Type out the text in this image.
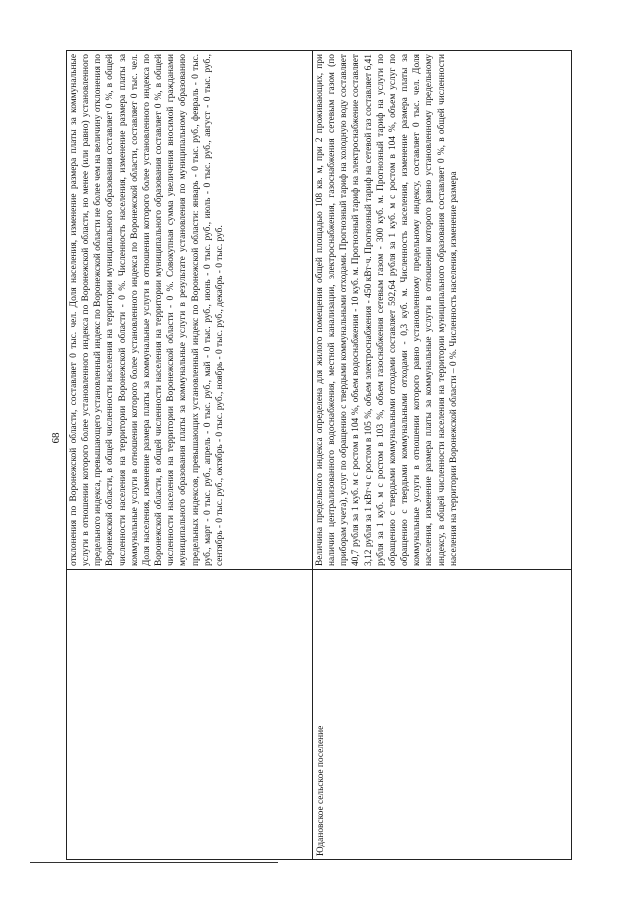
68 отклонения по Воронежской области, составляет 0 тыс. чел. Доля населения, изменение размера платы за коммунальные услуги в отношении которого более установленного индекса по Воронежской области, но менее (или равно) установленного предельного индекса, превышающего установленный индекс по Воронежской области не более чем на величину отклонения по Воронежской области, в общей численности населения на территории муниципального образования составляет 0 %, в общей численности населения на территории Воронежской области - 0 %. Численность населения, изменение размера платы за коммунальные услуги в отношении которого более установленного индекса по Воронежской области, составляет 0 тыс. чел. Доля населения, изменение размера платы за коммунальные услуги в отношении которого более установленного индекса по Воронежской области, в общей численности населения на территории муниципального образования составляет 0 %, в общей численности населения на территории Воронежской области - 0 %. Совокупная сумма увеличения вносимой гражданами муниципального образования платы за коммунальные услуги в результате установления по муниципальному образованию предельных индексов, превышающих установленный индекс по Воронежской области: январь - 0 тыс. руб., февраль - 0 тыс. руб., март - 0 тыс. руб., апрель - 0 тыс. руб., май - 0 тыс. руб., июнь - 0 тыс. руб., июль - 0 тыс. руб., август - 0 тыс. руб., сентябрь - 0 тыс. руб., октябрь - 0 тыс. руб., ноябрь - 0 тыс. руб., декабрь - 0 тыс. руб.
Юдановское сельское поселение
Величина предельного индекса определена для жилого помещения общей площадью 108 кв. м, при 2 проживающих, при наличии централизованного водоснабжения, местной канализации, электроснабжения, газоснабжения сетевым газом (по приборам учета), услуг по обращению с твердыми коммунальными отходами. Прогнозный тариф на холодную воду составляет 40,7 рубля за 1 куб. м с ростом в 104 %, объем водоснабжения - 10 куб. м. Прогнозный тариф на электроснабжение составляет 3,12 рубля за 1 кВт·ч с ростом в 105 %, объем электроснабжения - 450 кВт·ч. Прогнозный тариф на сетевой газ составляет 6,41 рубля за 1 куб. м с ростом в 103 %, объем газоснабжения сетевым газом - 300 куб. м. Прогнозный тариф на услуги по обращению с твердыми коммунальными отходами составляет 592,64 рубля за 1 куб. м с ростом в 104 %, объем услуг по обращению с твердыми коммунальными отходами - 0,3 куб. м. Численность населения, изменение размера платы за коммунальные услуги в отношении которого равно установленному предельному индексу, составляет 0 тыс. чел. Доля населения, изменение размера платы за коммунальные услуги в отношении которого равно установленному предельному индексу, в общей численности населения на территории муниципального образования составляет 0 %, в общей численности населения на территории Воронежской области – 0 %. Численность населения, изменение размера
